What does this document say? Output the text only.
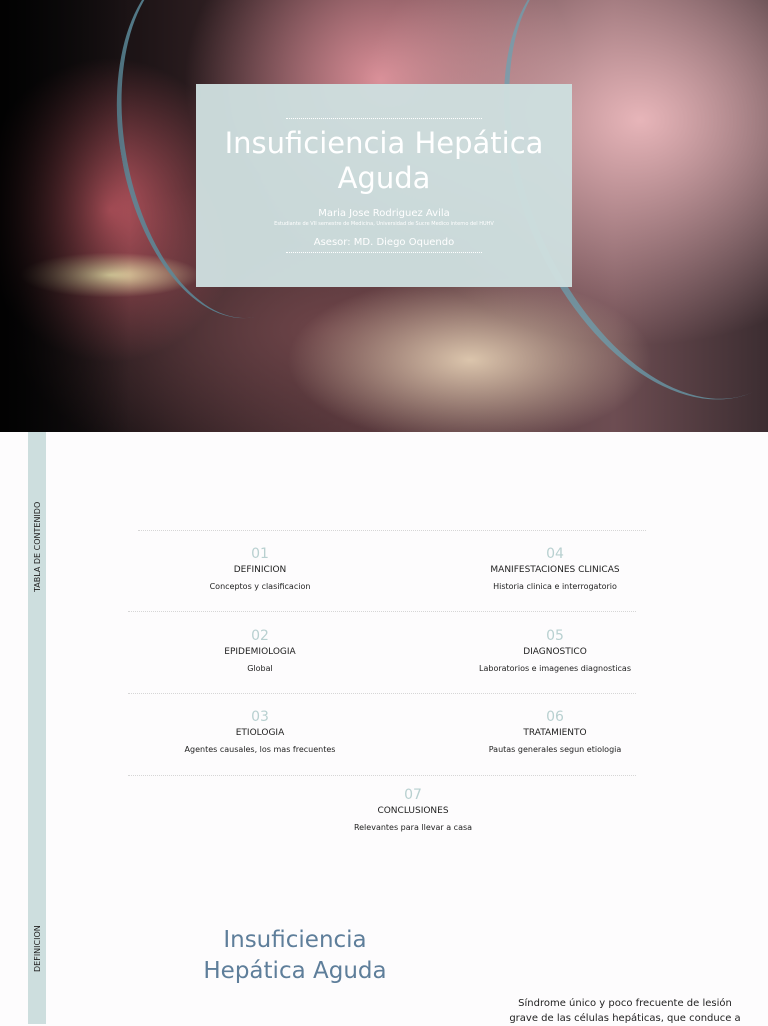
Insuficiencia Hepática Aguda
Maria Jose Rodriguez Avila
Estudiante de VII semestre de Medicina, Universidad de Sucre Medico interno del HUHV
Asesor: MD. Diego Oquendo
TABLA DE CONTENIDO	01
DEFINICION
Conceptos y clasificacion
02
EPIDEMIOLOGIA
Global
03
ETIOLOGIA
Agentes causales, los mas frecuentes
04
MANIFESTACIONES CLINICAS
Historia clinica e interrogatorio
05
DIAGNOSTICO
Laboratorios e imagenes diagnosticas
06
TRATAMIENTO
Pautas generales segun etiologia
07
CONCLUSIONES
Relevantes para llevar a casa
DEFINICION	Insuficiencia Hepática Aguda
Síndrome único y poco frecuente de lesión grave de las células hepáticas, que conduce a
